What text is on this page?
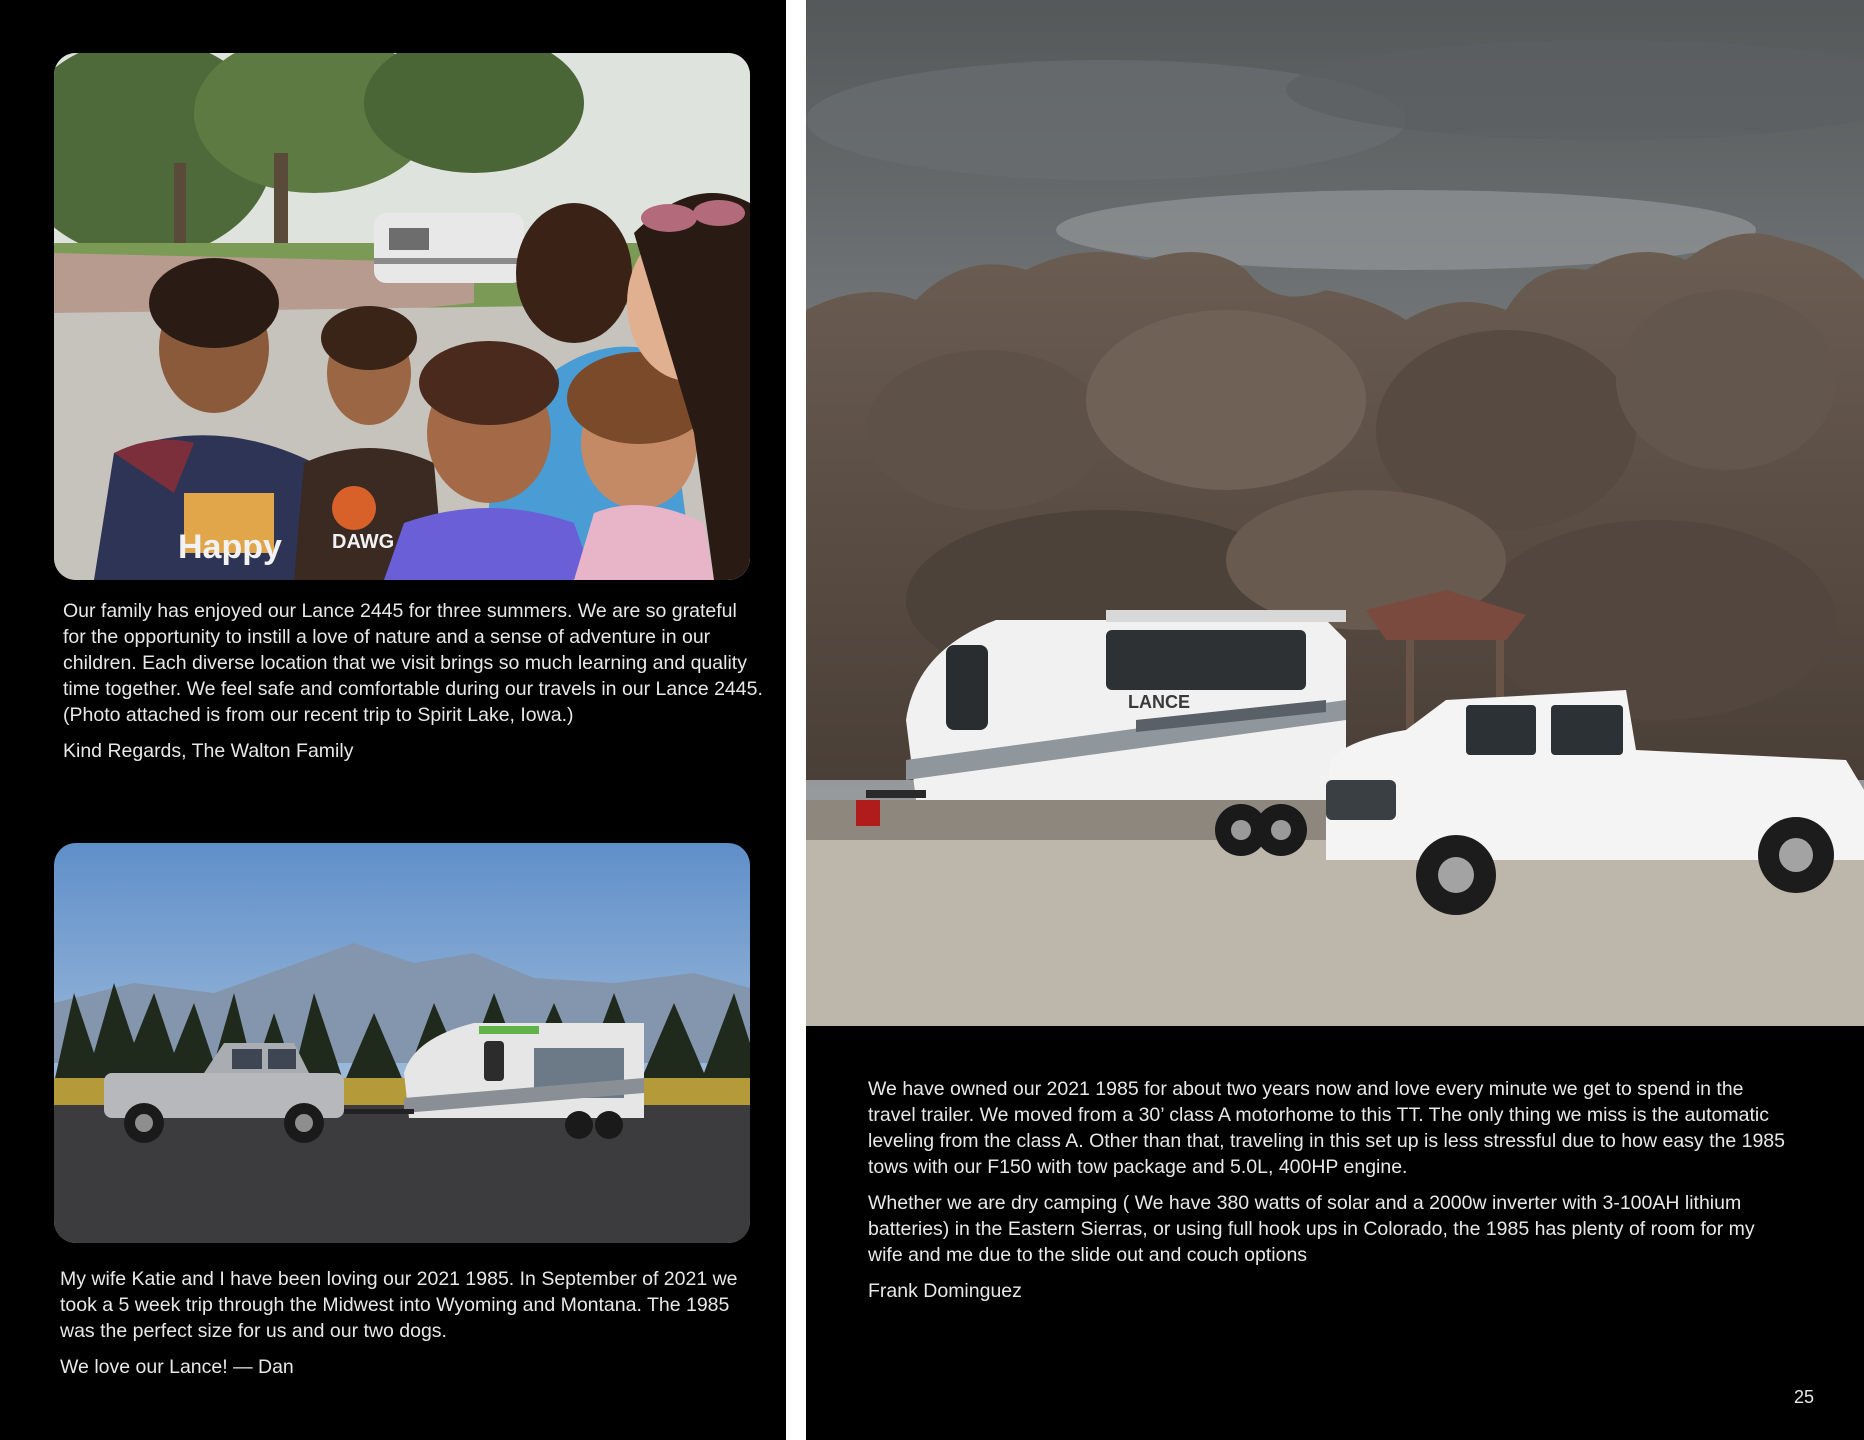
Happy	DAWG

Our family has enjoyed our Lance 2445 for three summers. We are so grateful for the opportunity to instill a love of nature and a sense of adventure in our children. Each diverse location that we visit brings so much learning and quality time together. We feel safe and comfortable during our travels in our Lance 2445. (Photo attached is from our recent trip to Spirit Lake, Iowa.)

Kind Regards, The Walton Family

My wife Katie and I have been loving our 2021 1985. In September of 2021 we took a 5 week trip through the Midwest into Wyoming and Montana. The 1985 was the perfect size for us and our two dogs.

We love our Lance! — Dan

LANCE

We have owned our 2021 1985 for about two years now and love every minute we get to spend in the travel trailer. We moved from a 30’ class A motorhome to this TT. The only thing we miss is the automatic leveling from the class A. Other than that, traveling in this set up is less stressful due to how easy the 1985 tows with our F150 with tow package and 5.0L, 400HP engine.

Whether we are dry camping ( We have 380 watts of solar and a 2000w inverter with 3-100AH lithium batteries) in the Eastern Sierras, or using full hook ups in Colorado, the 1985 has plenty of room for my wife and me due to the slide out and couch options

Frank Dominguez

25
